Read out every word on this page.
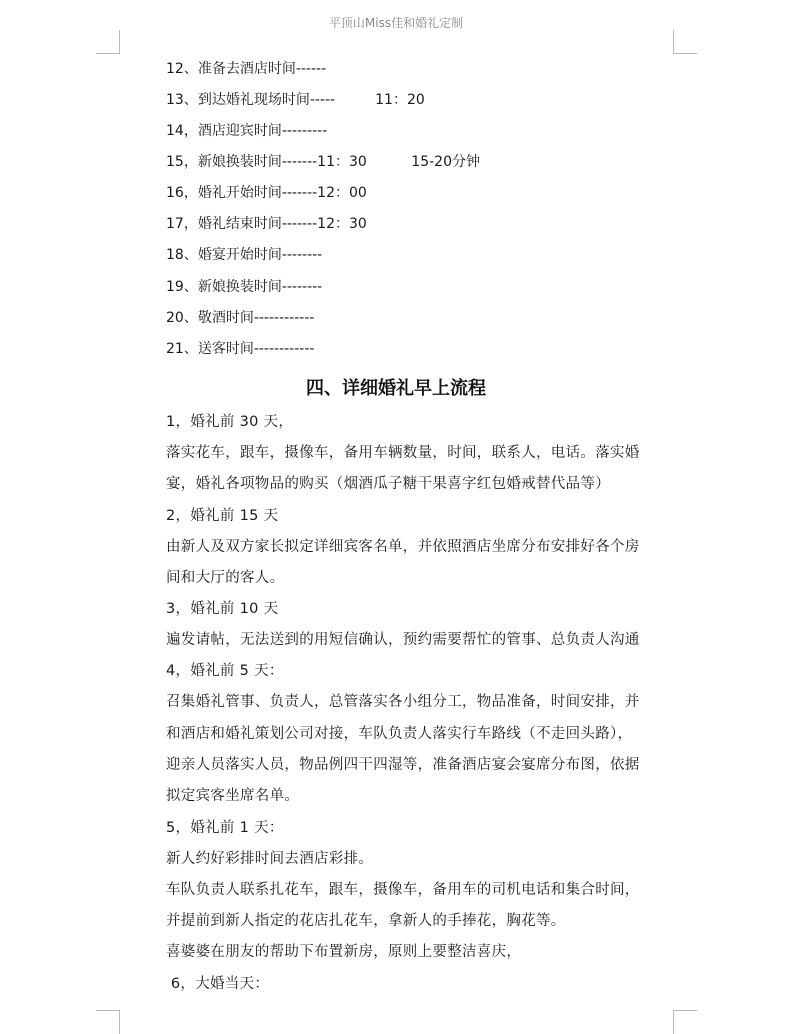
平顶山Miss佳和婚礼定制
12、准备去酒店时间------
13、到达婚礼现场时间-----         11：20
14，酒店迎宾时间---------
15，新娘换装时间-------11：30          15-20分钟
16，婚礼开始时间-------12：00
17，婚礼结束时间-------12：30
18、婚宴开始时间--------
19、新娘换装时间--------
20、敬酒时间------------
21、送客时间------------
四、详细婚礼早上流程
1，婚礼前 30 天，
落实花车，跟车，摄像车，备用车辆数量，时间，联系人，电话。落实婚
宴，婚礼各项物品的购买（烟酒瓜子糖干果喜字红包婚戒替代品等）
2，婚礼前 15 天
由新人及双方家长拟定详细宾客名单，并依照酒店坐席分布安排好各个房
间和大厅的客人。
3，婚礼前 10 天
遍发请帖，无法送到的用短信确认，预约需要帮忙的管事、总负责人沟通
4，婚礼前 5 天：
召集婚礼管事、负责人，总管落实各小组分工，物品准备，时间安排，并
和酒店和婚礼策划公司对接，车队负责人落实行车路线（不走回头路），
迎亲人员落实人员，物品例四干四湿等，准备酒店宴会宴席分布图，依据
拟定宾客坐席名单。
5，婚礼前 1 天：
新人约好彩排时间去酒店彩排。
车队负责人联系扎花车，跟车，摄像车，备用车的司机电话和集合时间，
并提前到新人指定的花店扎花车，拿新人的手捧花，胸花等。
喜婆婆在朋友的帮助下布置新房，原则上要整洁喜庆，
6，大婚当天：
